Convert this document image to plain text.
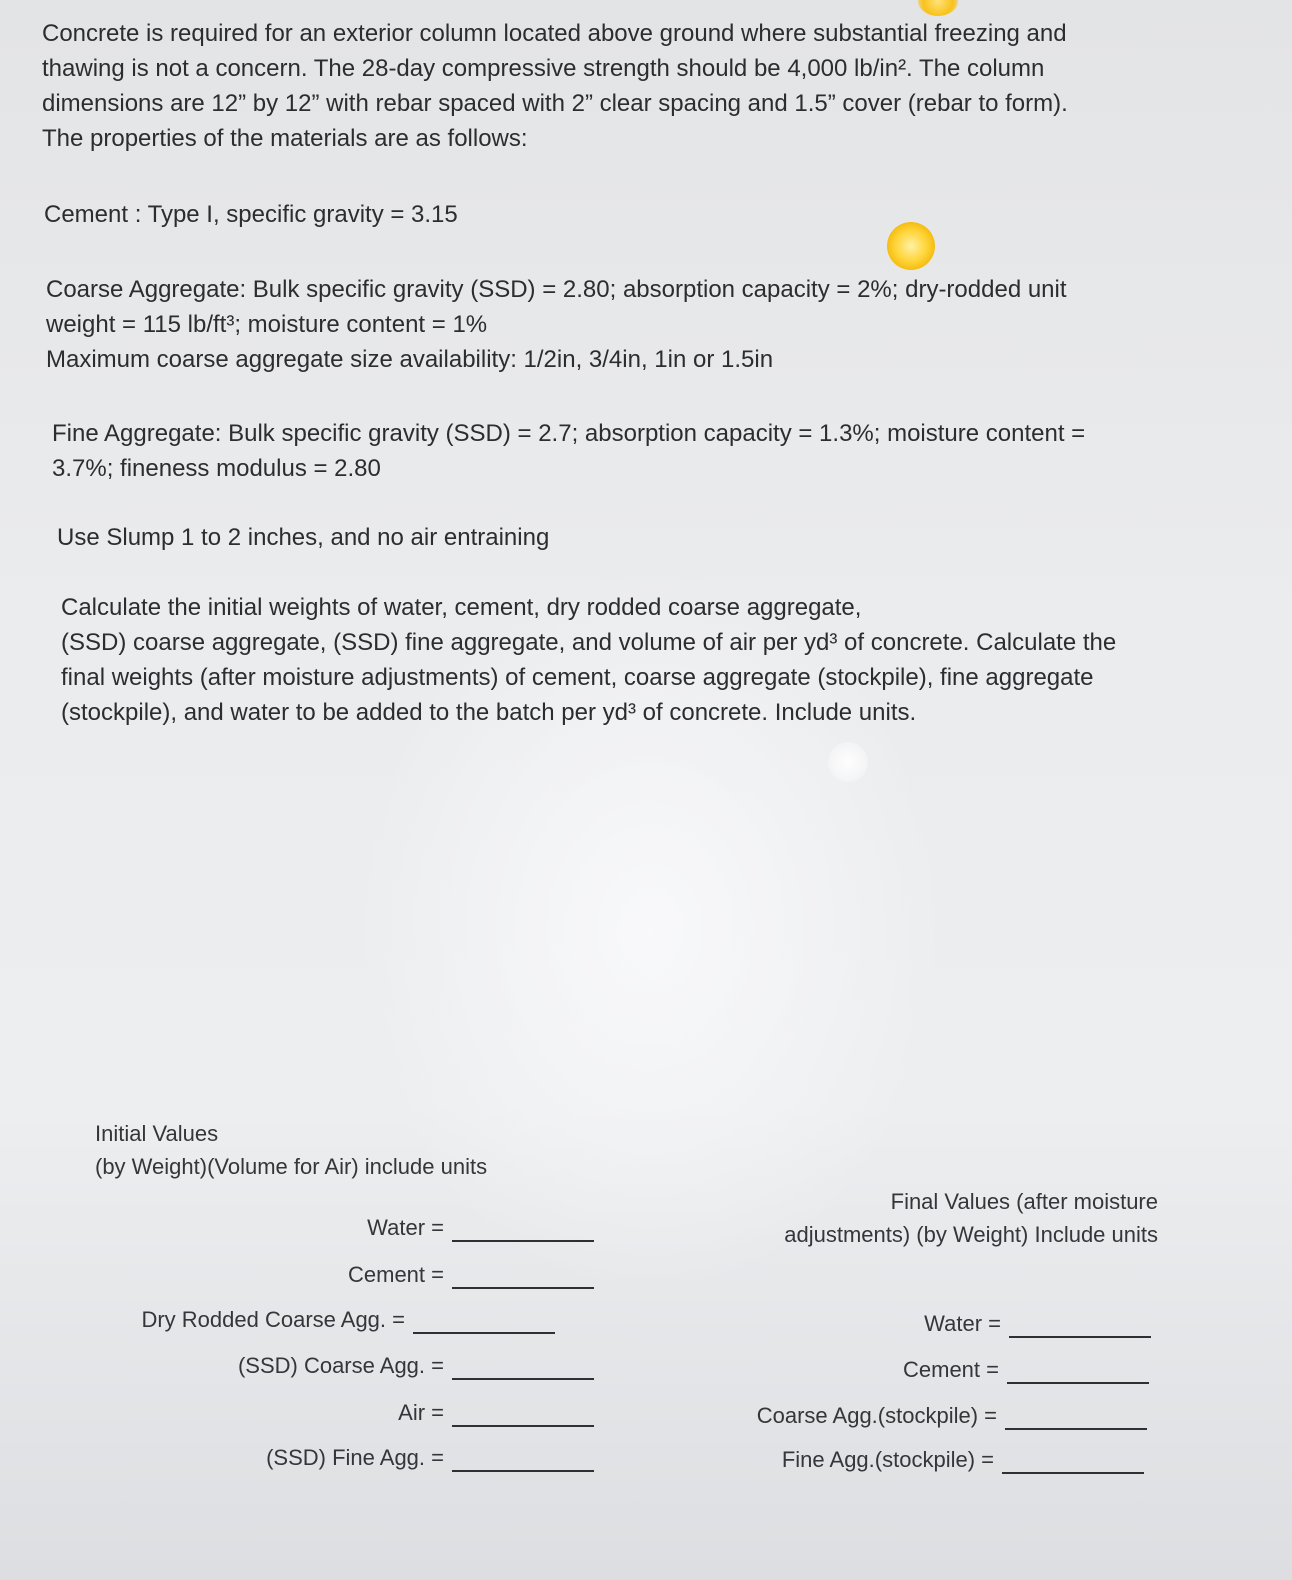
Concrete is required for an exterior column located above ground where substantial freezing and
thawing is not a concern. The 28-day compressive strength should be 4,000 lb/in². The column
dimensions are 12” by 12” with rebar spaced with 2” clear spacing and 1.5” cover (rebar to form).
The properties of the materials are as follows:

Cement : Type I, specific gravity = 3.15

Coarse Aggregate: Bulk specific gravity (SSD) = 2.80; absorption capacity = 2%; dry-rodded unit
weight = 115 lb/ft³; moisture content = 1%
Maximum coarse aggregate size availability: 1/2in, 3/4in, 1in or 1.5in

Fine Aggregate: Bulk specific gravity (SSD) = 2.7; absorption capacity = 1.3%; moisture content =
3.7%; fineness modulus = 2.80

Use Slump 1 to 2 inches, and no air entraining

Calculate the initial weights of water, cement, dry rodded coarse aggregate,
(SSD) coarse aggregate, (SSD) fine aggregate, and volume of air per yd³ of concrete. Calculate the
final weights (after moisture adjustments) of cement, coarse aggregate (stockpile), fine aggregate
(stockpile), and water to be added to the batch per yd³ of concrete. Include units.

Initial Values
(by Weight)(Volume for Air) include units
Final Values (after moisture
adjustments) (by Weight) Include units
Water =
Cement =
Dry Rodded Coarse Agg. =
(SSD) Coarse Agg. =
Air =
(SSD) Fine Agg. =
Water =
Cement =
Coarse Agg.(stockpile) =
Fine Agg.(stockpile) =
